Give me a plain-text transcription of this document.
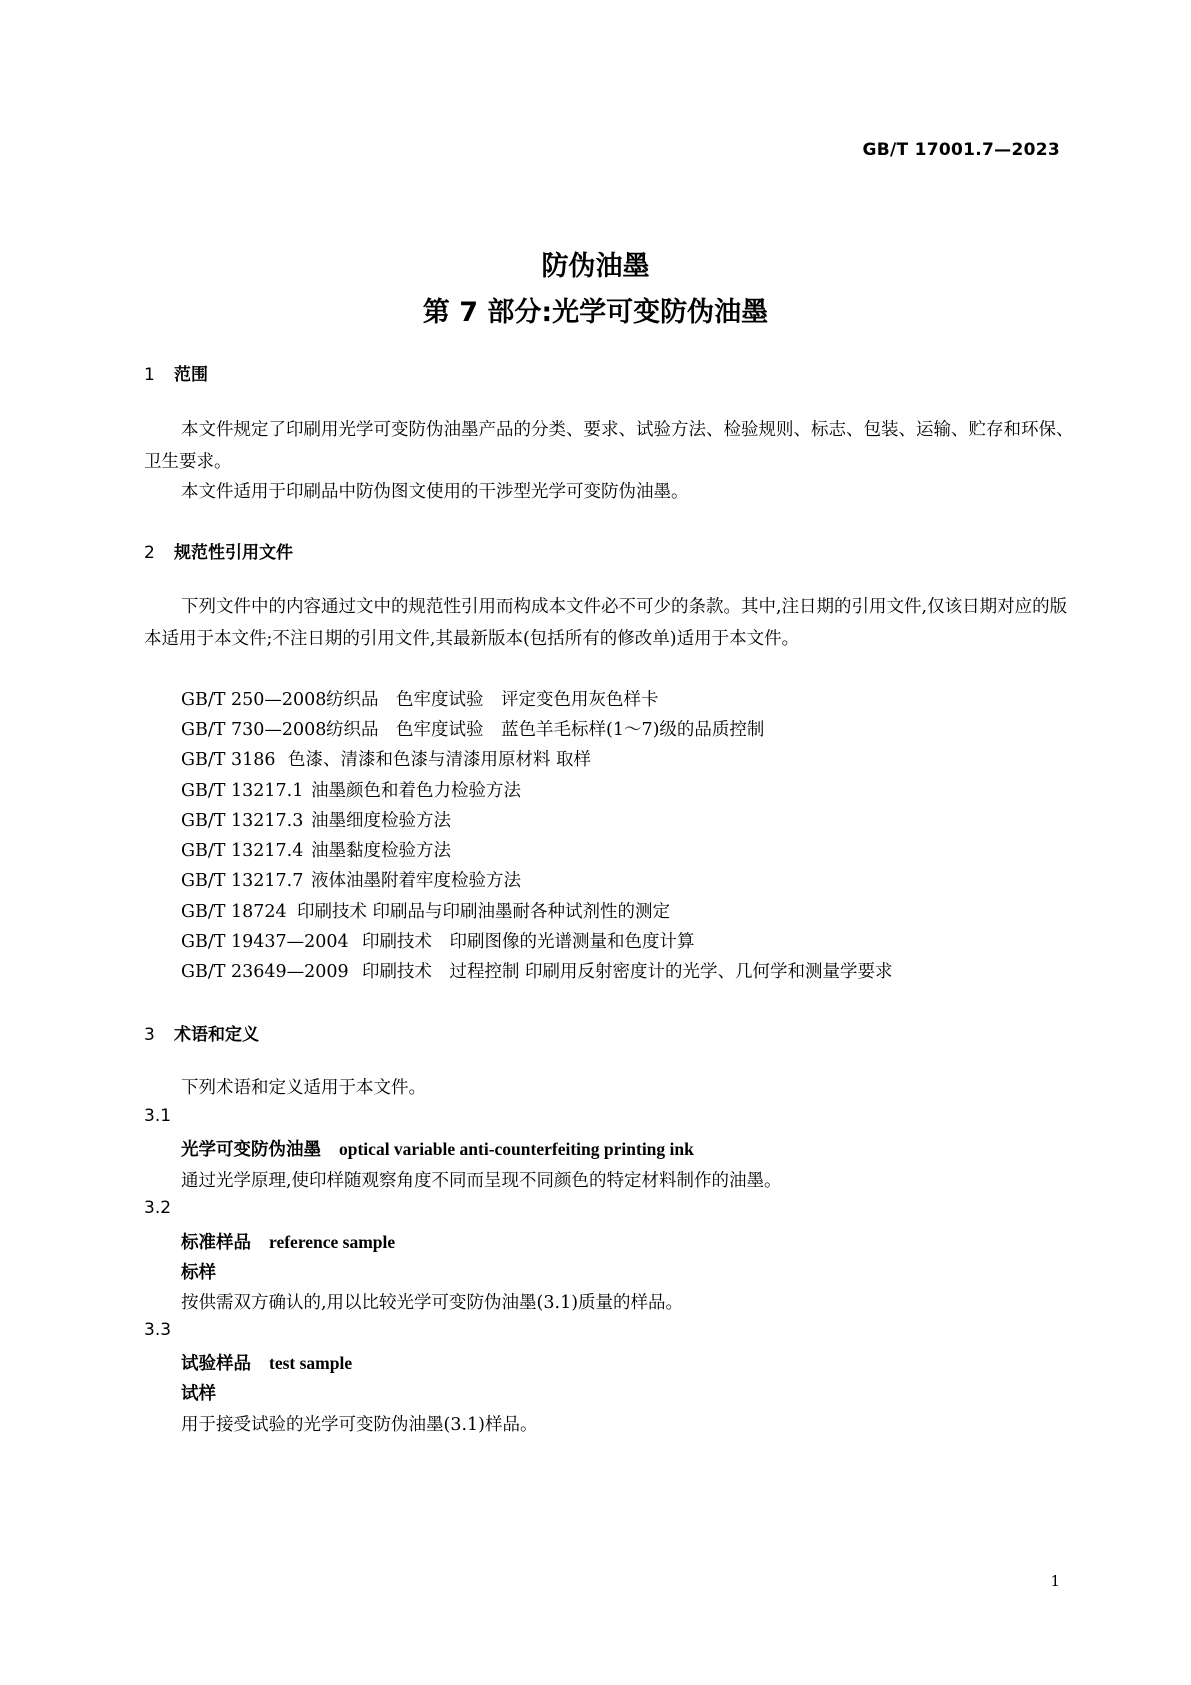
GB/T 17001.7—2023
防伪油墨
第 7 部分:光学可变防伪油墨
1 范围
本文件规定了印刷用光学可变防伪油墨产品的分类、要求、试验方法、检验规则、标志、包装、运输、贮存和环保、卫生要求。
本文件适用于印刷品中防伪图文使用的干涉型光学可变防伪油墨。
2 规范性引用文件
下列文件中的内容通过文中的规范性引用而构成本文件必不可少的条款。其中,注日期的引用文件,仅该日期对应的版本适用于本文件;不注日期的引用文件,其最新版本(包括所有的修改单)适用于本文件。
GB/T 250—2008纺织品　色牢度试验　评定变色用灰色样卡
GB/T 730—2008纺织品　色牢度试验　蓝色羊毛标样(1～7)级的品质控制
GB/T 3186 色漆、清漆和色漆与清漆用原材料 取样
GB/T 13217.1 油墨颜色和着色力检验方法
GB/T 13217.3 油墨细度检验方法
GB/T 13217.4 油墨黏度检验方法
GB/T 13217.7 液体油墨附着牢度检验方法
GB/T 18724 印刷技术 印刷品与印刷油墨耐各种试剂性的测定
GB/T 19437—2004 印刷技术　印刷图像的光谱测量和色度计算
GB/T 23649—2009 印刷技术　过程控制 印刷用反射密度计的光学、几何学和测量学要求
3 术语和定义
下列术语和定义适用于本文件。
3.1
光学可变防伪油墨 optical variable anti-counterfeiting printing ink
通过光学原理,使印样随观察角度不同而呈现不同颜色的特定材料制作的油墨。
3.2
标准样品 reference sample
标样
按供需双方确认的,用以比较光学可变防伪油墨(3.1)质量的样品。
3.3
试验样品 test sample
试样
用于接受试验的光学可变防伪油墨(3.1)样品。
1
